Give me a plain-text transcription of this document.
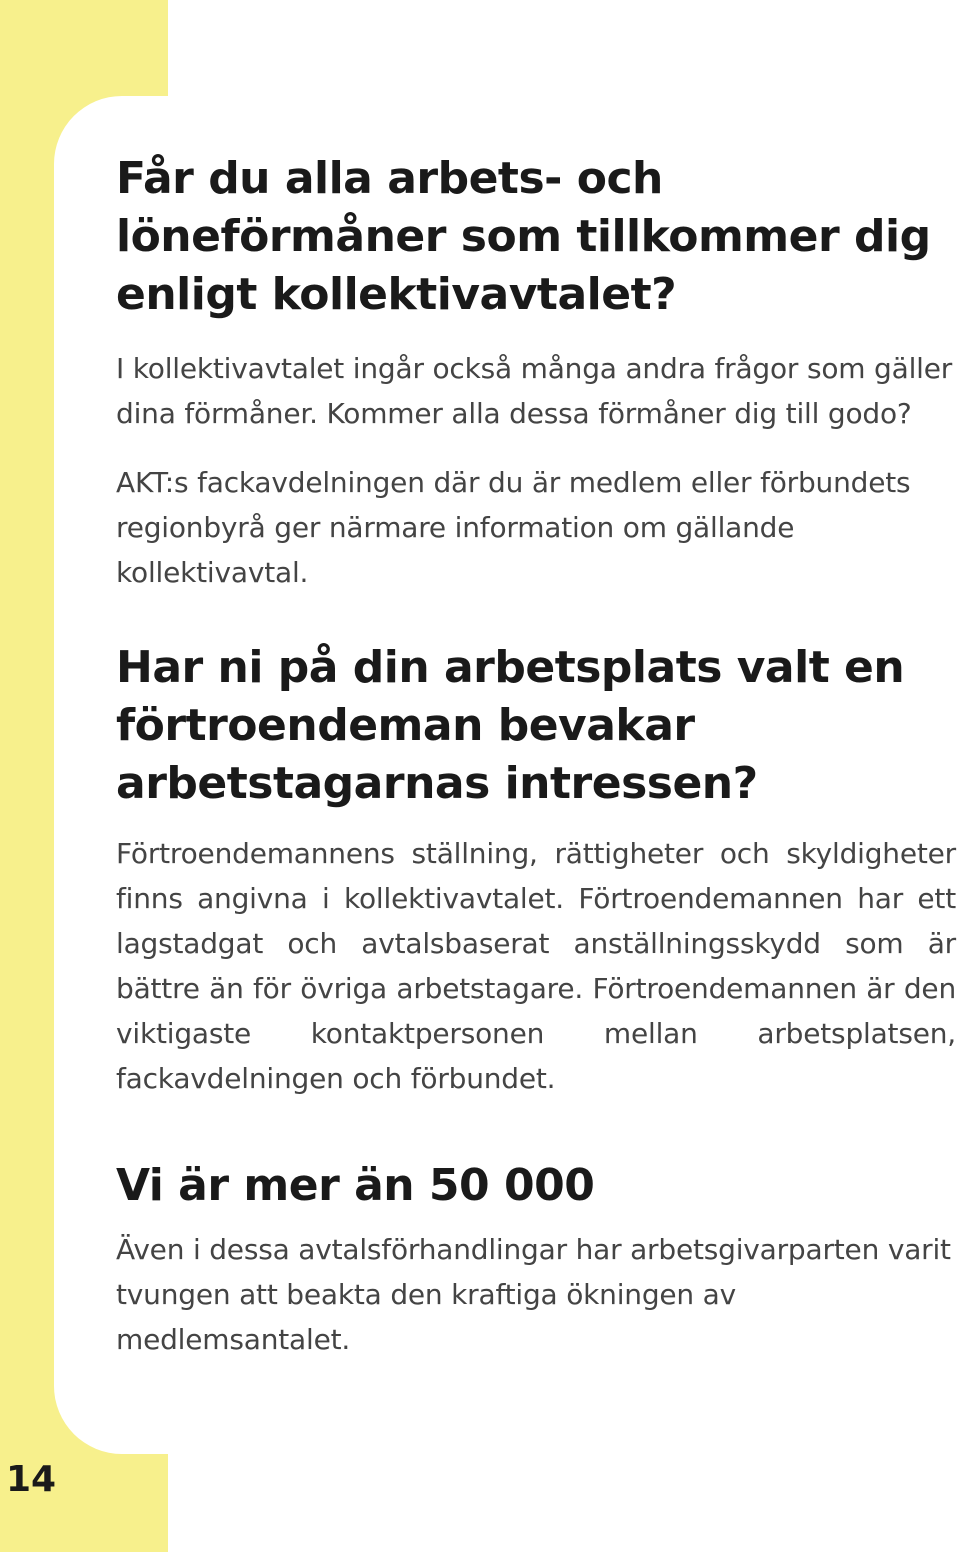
Får du alla arbets- och löneförmåner som tillkommer dig enligt kollektivavtalet?

I kollektivavtalet ingår också många andra frågor som gäller dina förmåner. Kommer alla dessa förmåner dig till godo?

AKT:s fackavdelningen där du är medlem eller förbundets regionbyrå ger närmare information om gällande kollektivavtal.

Har ni på din arbetsplats valt en förtroendeman bevakar arbetstagarnas intressen?

Förtroendemannens ställning, rättigheter och skyldigheter finns angivna i kollektivavtalet. Förtroendemannen har ett lagstadgat och avtalsbaserat anställningsskydd som är bättre än för övriga arbetstagare. Förtroendemannen är den viktigaste kontaktpersonen mellan arbetsplatsen, fackavdelningen och förbundet.

Vi är mer än 50 000

Även i dessa avtalsförhandlingar har arbetsgivarparten varit tvungen att beakta den kraftiga ökningen av medlemsantalet.

14
